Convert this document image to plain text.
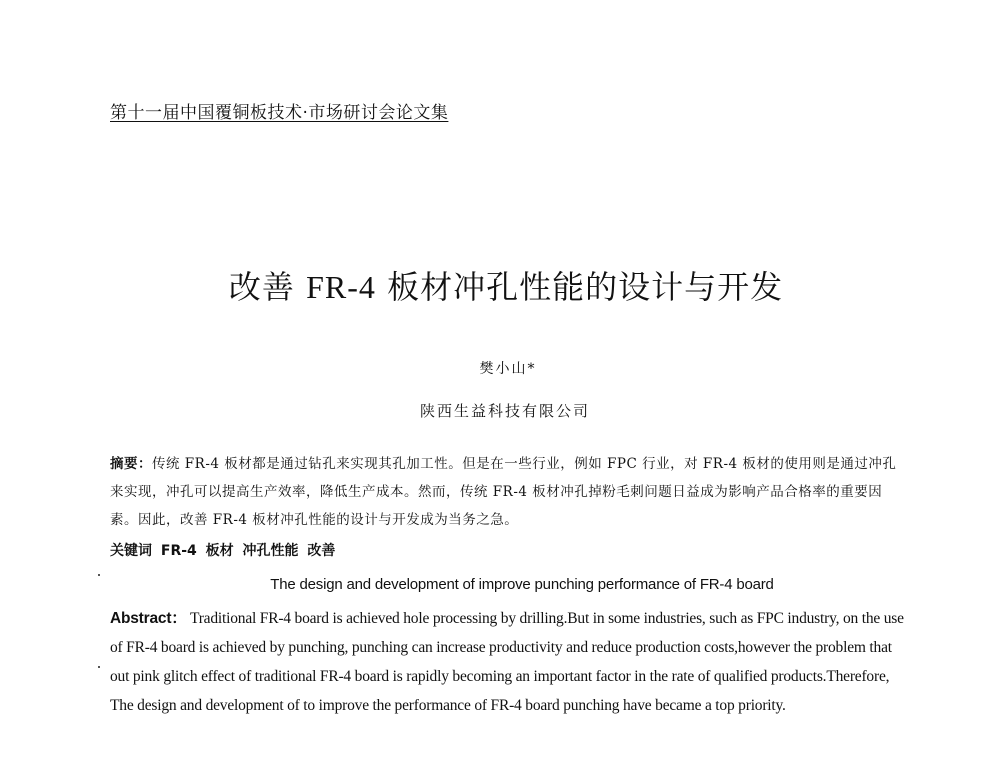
第十一届中国覆铜板技术·市场研讨会论文集
改善 FR-4 板材冲孔性能的设计与开发
樊小山*
陕西生益科技有限公司
摘要：传统 FR-4 板材都是通过钻孔来实现其孔加工性。但是在一些行业，例如 FPC 行业，对 FR-4 板材的使用则是通过冲孔来实现，冲孔可以提高生产效率，降低生产成本。然而，传统 FR-4 板材冲孔掉粉毛刺问题日益成为影响产品合格率的重要因素。因此，改善 FR-4 板材冲孔性能的设计与开发成为当务之急。
关键词 FR-4 板材 冲孔性能 改善
The design and development of improve punching performance of FR-4 board
Abstract： Traditional FR-4 board is achieved hole processing by drilling.But in some industries, such as FPC industry, on the use of FR-4 board is achieved by punching, punching can increase productivity and reduce production costs,however the problem that out pink glitch effect of traditional FR-4 board is rapidly becoming an important factor in the rate of qualified products.Therefore, The design and development of to improve the performance of FR-4 board punching have became a top priority.
